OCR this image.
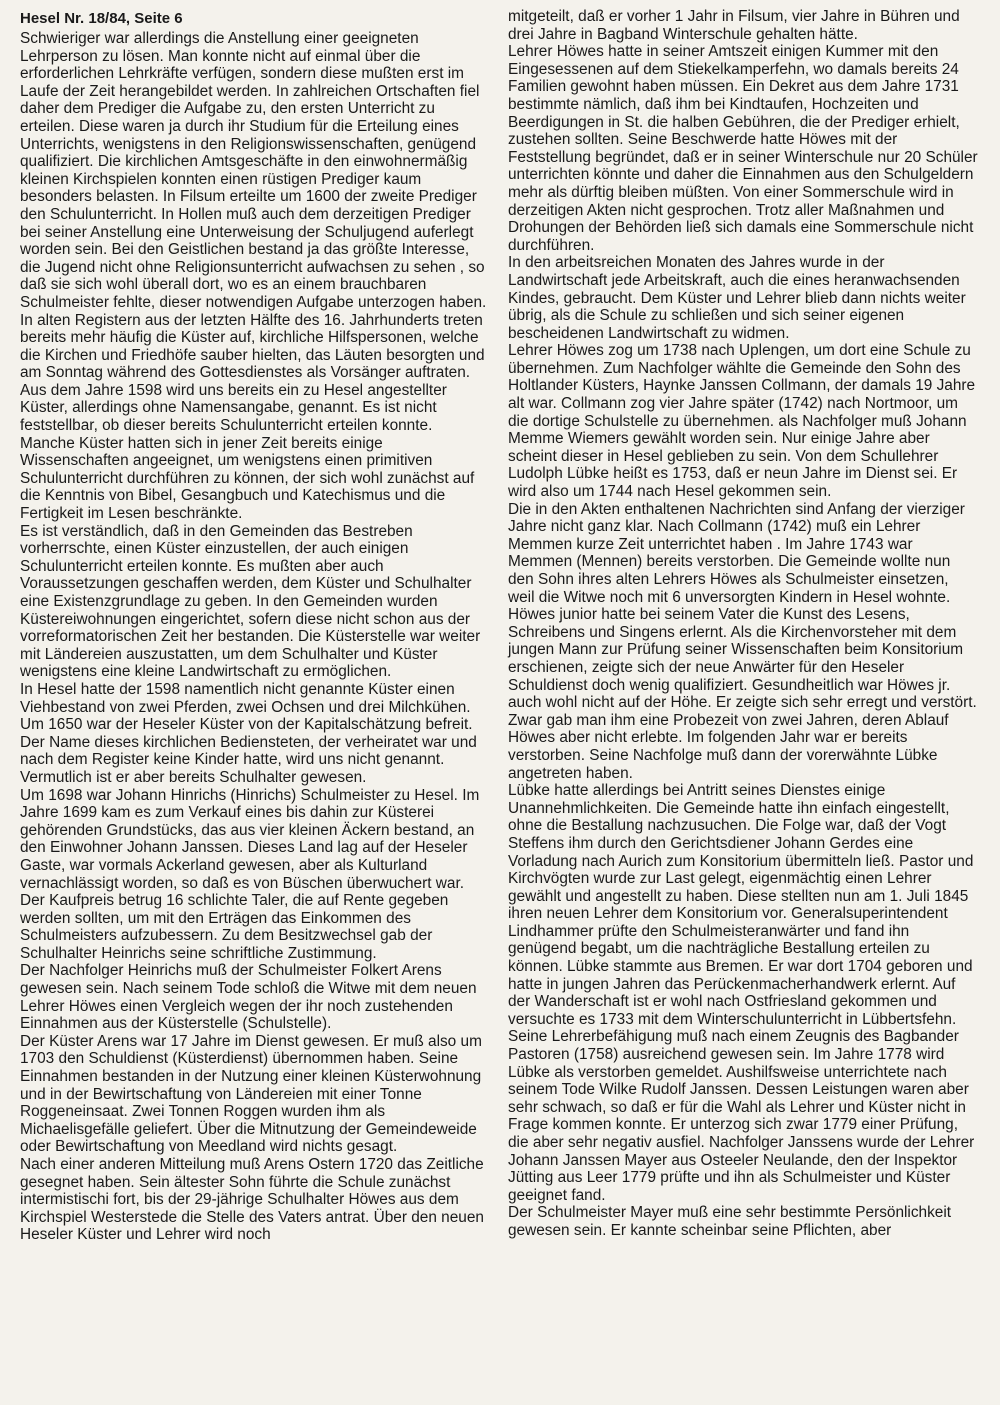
Hesel Nr. 18/84, Seite 6

Schwieriger war allerdings die Anstellung einer geeigneten Lehrperson zu lösen. Man konnte nicht auf einmal über die erforderlichen Lehrkräfte verfügen, sondern diese mußten erst im Laufe der Zeit herangebildet werden. In zahlreichen Ortschaften fiel daher dem Prediger die Aufgabe zu, den ersten Unterricht zu erteilen. Diese waren ja durch ihr Studium für die Erteilung eines Unterrichts, wenigstens in den Religionswissenschaften, genügend qualifiziert. Die kirchlichen Amtsgeschäfte in den einwohnermäßig kleinen Kirchspielen konnten einen rüstigen Prediger kaum besonders belasten. In Filsum erteilte um 1600 der zweite Prediger den Schulunterricht. In Hollen muß auch dem derzeitigen Prediger bei seiner Anstellung eine Unterweisung der Schuljugend auferlegt worden sein. Bei den Geistlichen bestand ja das größte Interesse, die Jugend nicht ohne Religionsunterricht aufwachsen zu sehen , so daß sie sich wohl überall dort, wo es an einem brauchbaren Schulmeister fehlte, dieser notwendigen Aufgabe unterzogen haben.

In alten Registern aus der letzten Hälfte des 16. Jahrhunderts treten bereits mehr häufig die Küster auf, kirchliche Hilfspersonen, welche die Kirchen und Friedhöfe sauber hielten, das Läuten besorgten und am Sonntag während des Gottesdienstes als Vorsänger auftraten. Aus dem Jahre 1598 wird uns bereits ein zu Hesel angestellter Küster, allerdings ohne Namensangabe, genannt. Es ist nicht feststellbar, ob dieser bereits Schulunterricht erteilen konnte. Manche Küster hatten sich in jener Zeit bereits einige Wissenschaften angeeignet, um wenigstens einen primitiven Schulunterricht durchführen zu können, der sich wohl zunächst auf die Kenntnis von Bibel, Gesangbuch und Katechismus und die Fertigkeit im Lesen beschränkte.

Es ist verständlich, daß in den Gemeinden das Bestreben vorherrschte, einen Küster einzustellen, der auch einigen Schulunterricht erteilen konnte. Es mußten aber auch Voraussetzungen geschaffen werden, dem Küster und Schulhalter eine Existenzgrundlage zu geben. In den Gemeinden wurden Küstereiwohnungen eingerichtet, sofern diese nicht schon aus der vorreformatorischen Zeit her bestanden. Die Küsterstelle war weiter mit Ländereien auszustatten, um dem Schulhalter und Küster wenigstens eine kleine Landwirtschaft zu ermöglichen.

In Hesel hatte der 1598 namentlich nicht genannte Küster einen Viehbestand von zwei Pferden, zwei Ochsen und drei Milchkühen.

Um 1650 war der Heseler Küster von der Kapitalschätzung befreit. Der Name dieses kirchlichen Bediensteten, der verheiratet war und nach dem Register keine Kinder hatte, wird uns nicht genannt. Vermutlich ist er aber bereits Schulhalter gewesen.

Um 1698 war Johann Hinrichs (Hinrichs) Schulmeister zu Hesel. Im Jahre 1699 kam es zum Verkauf eines bis dahin zur Küsterei gehörenden Grundstücks, das aus vier kleinen Äckern bestand, an den Einwohner Johann Janssen. Dieses Land lag auf der Heseler Gaste, war vormals Ackerland gewesen, aber als Kulturland vernachlässigt worden, so daß es von Büschen überwuchert war. Der Kaufpreis betrug 16 schlichte Taler, die auf Rente gegeben werden sollten, um mit den Erträgen das Einkommen des Schulmeisters aufzubessern. Zu dem Besitzwechsel gab der Schulhalter Heinrichs seine schriftliche Zustimmung.

Der Nachfolger Heinrichs muß der Schulmeister Folkert Arens gewesen sein. Nach seinem Tode schloß die Witwe mit dem neuen Lehrer Höwes einen Vergleich wegen der ihr noch zustehenden Einnahmen aus der Küsterstelle (Schulstelle).

Der Küster Arens war 17 Jahre im Dienst gewesen. Er muß also um 1703 den Schuldienst (Küsterdienst) übernommen haben. Seine Einnahmen bestanden in der Nutzung einer kleinen Küsterwohnung und in der Bewirtschaftung von Ländereien mit einer Tonne Roggeneinsaat. Zwei Tonnen Roggen wurden ihm als Michaelisgefälle geliefert. Über die Mitnutzung der Gemeindeweide oder Bewirtschaftung von Meedland wird nichts gesagt.

Nach einer anderen Mitteilung muß Arens Ostern 1720 das Zeitliche gesegnet haben. Sein ältester Sohn führte die Schule zunächst intermistischi fort, bis der 29-jährige Schulhalter Höwes aus dem Kirchspiel Westerstede die Stelle des Vaters antrat. Über den neuen Heseler Küster und Lehrer wird noch

mitgeteilt, daß er vorher 1 Jahr in Filsum, vier Jahre in Bühren und drei Jahre in Bagband Winterschule gehalten hätte.

Lehrer Höwes hatte in seiner Amtszeit einigen Kummer mit den Eingesessenen auf dem Stiekelkamperfehn, wo damals bereits 24 Familien gewohnt haben müssen. Ein Dekret aus dem Jahre 1731 bestimmte nämlich, daß ihm bei Kindtaufen, Hochzeiten und Beerdigungen in St. die halben Gebühren, die der Prediger erhielt, zustehen sollten. Seine Beschwerde hatte Höwes mit der Feststellung begründet, daß er in seiner Winterschule nur 20 Schüler unterrichten könnte und daher die Einnahmen aus den Schulgeldern mehr als dürftig bleiben müßten. Von einer Sommerschule wird in derzeitigen Akten nicht gesprochen. Trotz aller Maßnahmen und Drohungen der Behörden ließ sich damals eine Sommerschule nicht durchführen.

In den arbeitsreichen Monaten des Jahres wurde in der Landwirtschaft jede Arbeitskraft, auch die eines heranwachsenden Kindes, gebraucht. Dem Küster und Lehrer blieb dann nichts weiter übrig, als die Schule zu schließen und sich seiner eigenen bescheidenen Landwirtschaft zu widmen.

Lehrer Höwes zog um 1738 nach Uplengen, um dort eine Schule zu übernehmen. Zum Nachfolger wählte die Gemeinde den Sohn des Holtlander Küsters, Haynke Janssen Collmann, der damals 19 Jahre alt war. Collmann zog vier Jahre später (1742) nach Nortmoor, um die dortige Schulstelle zu übernehmen. als Nachfolger muß Johann Memme Wiemers gewählt worden sein. Nur einige Jahre aber scheint dieser in Hesel geblieben zu sein. Von dem Schullehrer Ludolph Lübke heißt es 1753, daß er neun Jahre im Dienst sei. Er wird also um 1744 nach Hesel gekommen sein.

Die in den Akten enthaltenen Nachrichten sind Anfang der vierziger Jahre nicht ganz klar. Nach Collmann (1742) muß ein Lehrer Memmen kurze Zeit unterrichtet haben . Im Jahre 1743 war Memmen (Mennen) bereits verstorben. Die Gemeinde wollte nun den Sohn ihres alten Lehrers Höwes als Schulmeister einsetzen, weil die Witwe noch mit 6 unversorgten Kindern in Hesel wohnte. Höwes junior hatte bei seinem Vater die Kunst des Lesens, Schreibens und Singens erlernt. Als die Kirchenvorsteher mit dem jungen Mann zur Prüfung seiner Wissenschaften beim Konsitorium erschienen, zeigte sich der neue Anwärter für den Heseler Schuldienst doch wenig qualifiziert. Gesundheitlich war Höwes jr. auch wohl nicht auf der Höhe. Er zeigte sich sehr erregt und verstört. Zwar gab man ihm eine Probezeit von zwei Jahren, deren Ablauf Höwes aber nicht erlebte. Im folgenden Jahr war er bereits verstorben. Seine Nachfolge muß dann der vorerwähnte Lübke angetreten haben.

Lübke hatte allerdings bei Antritt seines Dienstes einige Unannehmlichkeiten. Die Gemeinde hatte ihn einfach eingestellt, ohne die Bestallung nachzusuchen. Die Folge war, daß der Vogt Steffens ihm durch den Gerichtsdiener Johann Gerdes eine Vorladung nach Aurich zum Konsitorium übermitteln ließ. Pastor und Kirchvögten wurde zur Last gelegt, eigenmächtig einen Lehrer gewählt und angestellt zu haben. Diese stellten nun am 1. Juli 1845 ihren neuen Lehrer dem Konsitorium vor. Generalsuperintendent Lindhammer prüfte den Schulmeisteranwärter und fand ihn genügend begabt, um die nachträgliche Bestallung erteilen zu können. Lübke stammte aus Bremen. Er war dort 1704 geboren und hatte in jungen Jahren das Perückenmacherhandwerk erlernt. Auf der Wanderschaft ist er wohl nach Ostfriesland gekommen und versuchte es 1733 mit dem Winterschulunterricht in Lübbertsfehn. Seine Lehrerbefähigung muß nach einem Zeugnis des Bagbander Pastoren (1758) ausreichend gewesen sein. Im Jahre 1778 wird Lübke als verstorben gemeldet. Aushilfsweise unterrichtete nach seinem Tode Wilke Rudolf Janssen. Dessen Leistungen waren aber sehr schwach, so daß er für die Wahl als Lehrer und Küster nicht in Frage kommen konnte. Er unterzog sich zwar 1779 einer Prüfung, die aber sehr negativ ausfiel. Nachfolger Janssens wurde der Lehrer Johann Janssen Mayer aus Osteeler Neulande, den der Inspektor Jütting aus Leer 1779 prüfte und ihn als Schulmeister und Küster geeignet fand.

Der Schulmeister Mayer muß eine sehr bestimmte Persönlichkeit gewesen sein. Er kannte scheinbar seine Pflichten, aber
